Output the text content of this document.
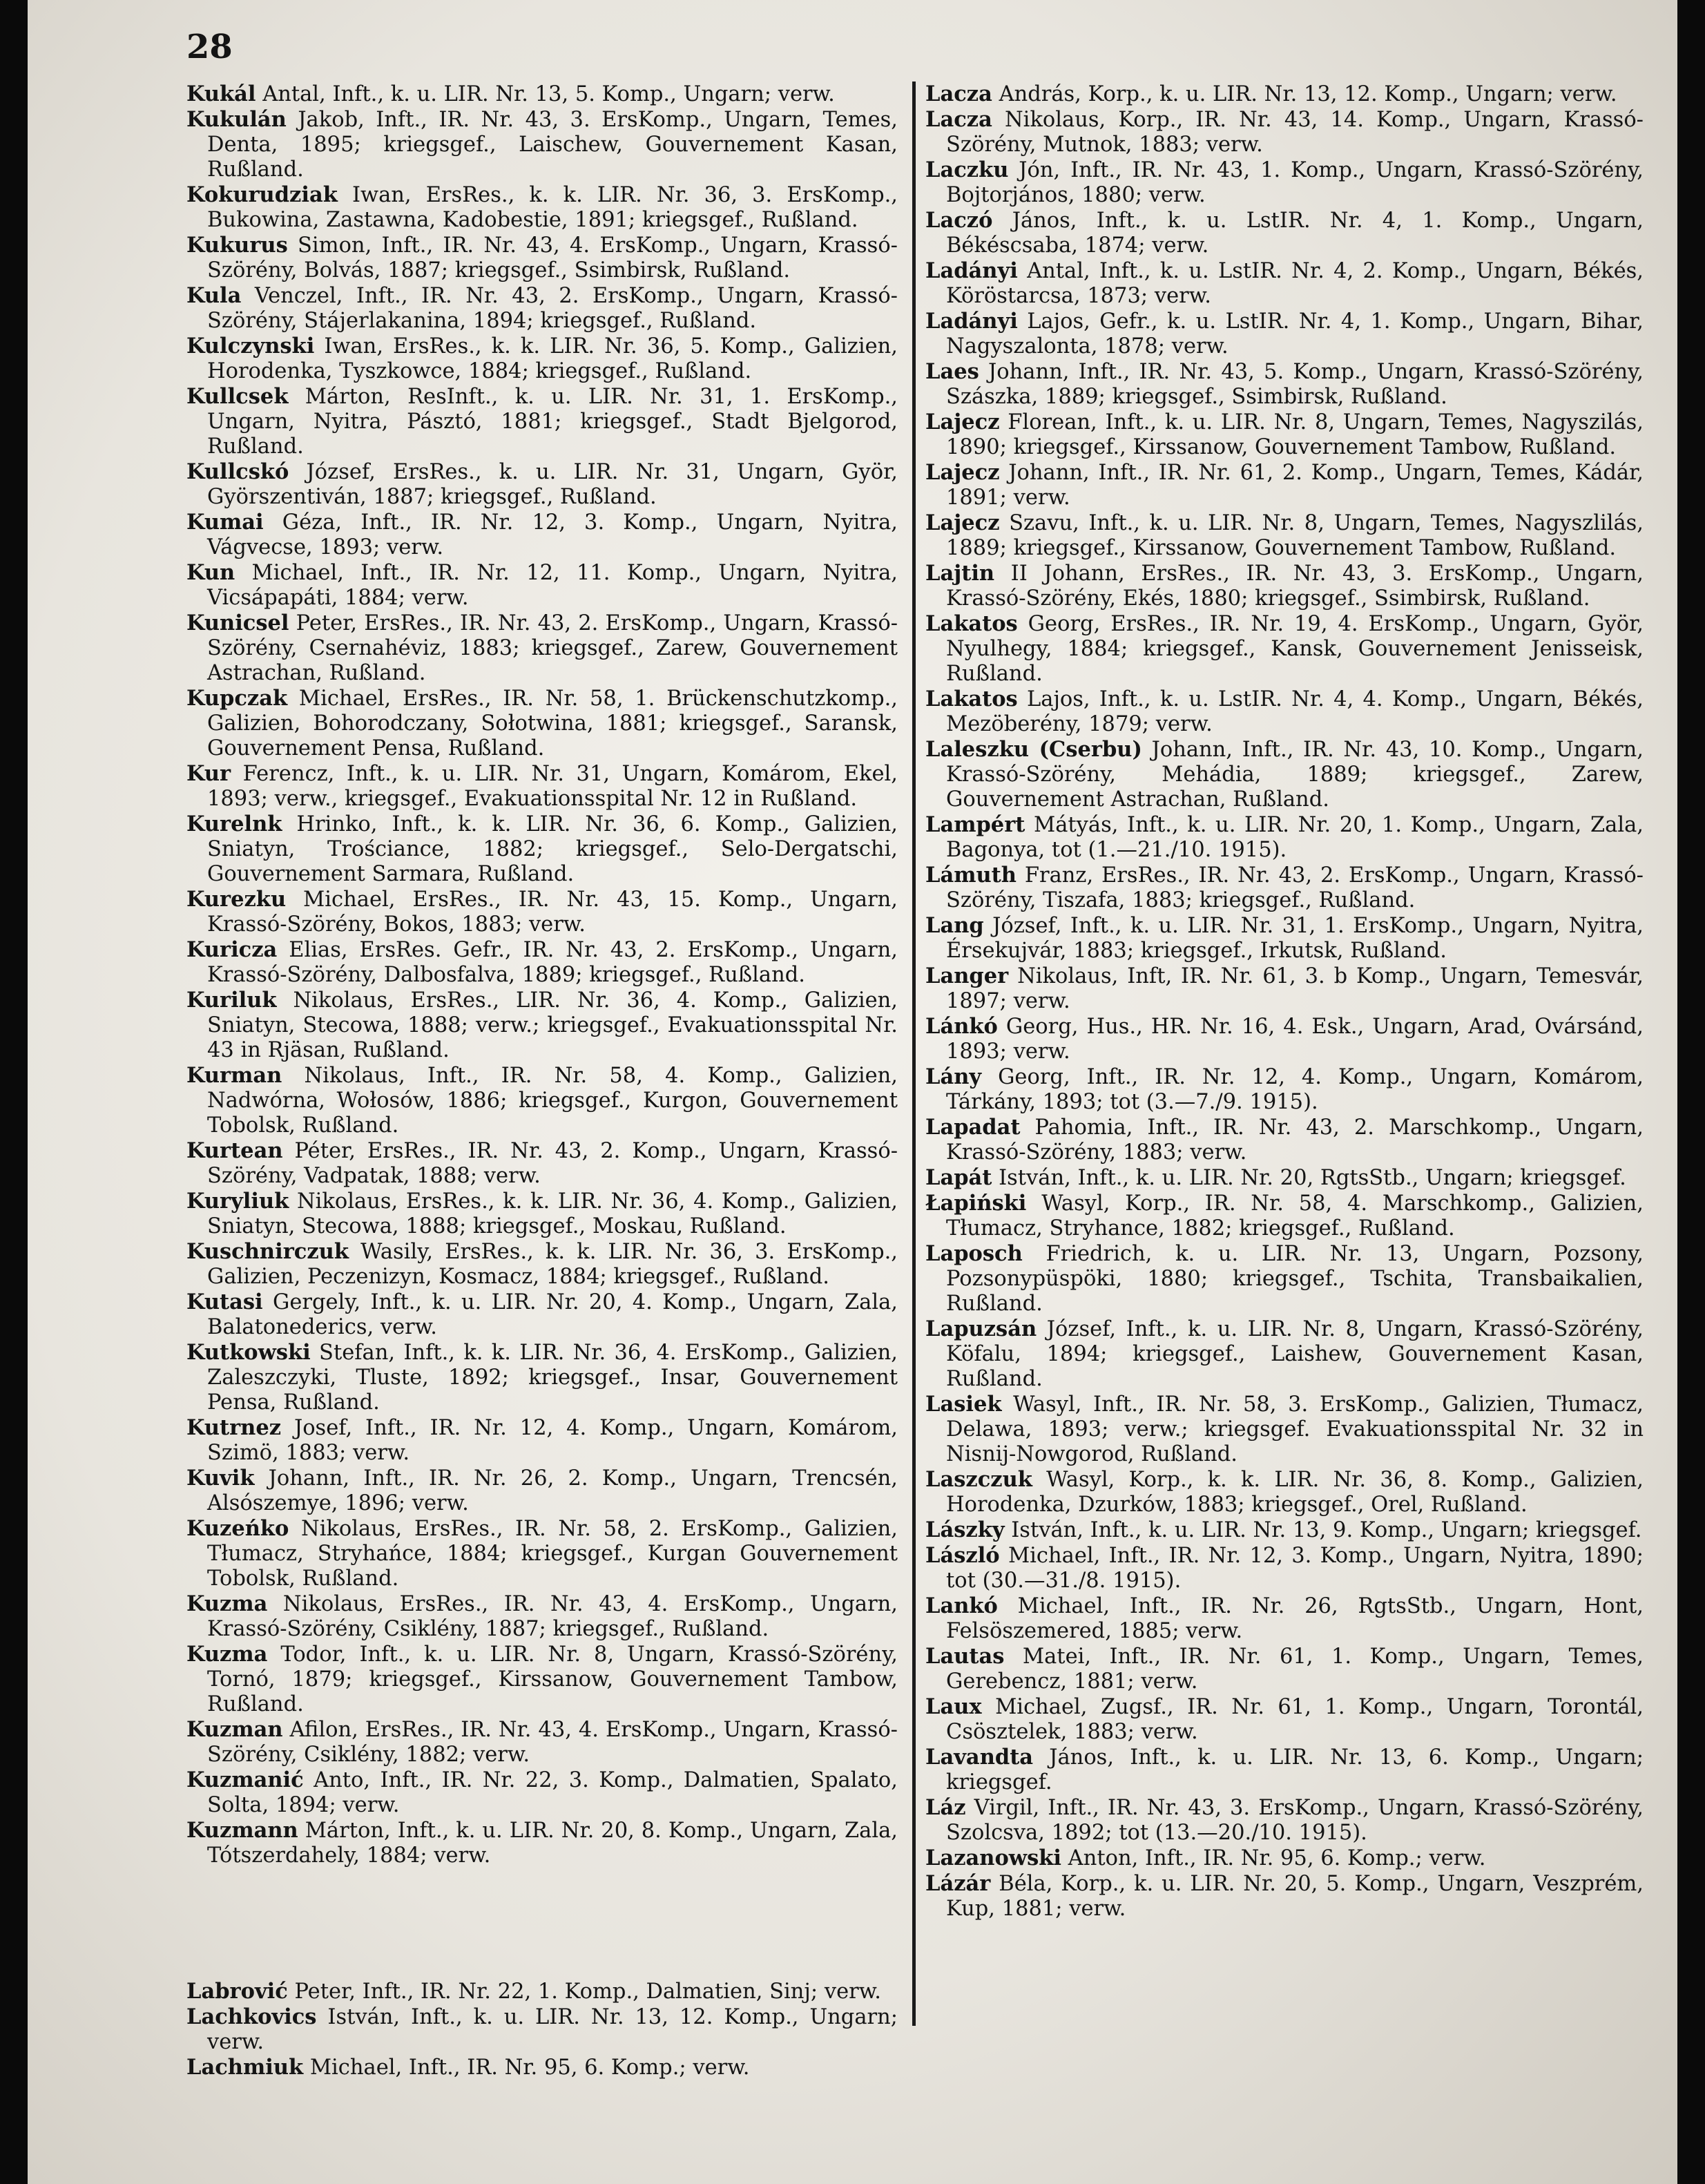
28

Kukál Antal, Inft., k. u. LIR. Nr. 13, 5. Komp., Ungarn; verw.

Kukulán Jakob, Inft., IR. Nr. 43, 3. ErsKomp., Ungarn, Temes, Denta, 1895; kriegsgef., Laischew, Gouvernement Kasan, Rußland.

Kokurudziak Iwan, ErsRes., k. k. LIR. Nr. 36, 3. ErsKomp., Bukowina, Zastawna, Kadobestie, 1891; kriegsgef., Rußland.

Kukurus Simon, Inft., IR. Nr. 43, 4. ErsKomp., Ungarn, Krassó-Szörény, Bolvás, 1887; kriegsgef., Ssimbirsk, Rußland.

Kula Venczel, Inft., IR. Nr. 43, 2. ErsKomp., Ungarn, Krassó-Szörény, Stájerlakanina, 1894; kriegsgef., Rußland.

Kulczynski Iwan, ErsRes., k. k. LIR. Nr. 36, 5. Komp., Galizien, Horodenka, Tyszkowce, 1884; kriegsgef., Rußland.

Kullcsek Márton, ResInft., k. u. LIR. Nr. 31, 1. ErsKomp., Ungarn, Nyitra, Pásztó, 1881; kriegsgef., Stadt Bjelgorod, Rußland.

Kullcskó József, ErsRes., k. u. LIR. Nr. 31, Ungarn, Györ, Györszentiván, 1887; kriegsgef., Rußland.

Kumai Géza, Inft., IR. Nr. 12, 3. Komp., Ungarn, Nyitra, Vágvecse, 1893; verw.

Kun Michael, Inft., IR. Nr. 12, 11. Komp., Ungarn, Nyitra, Vicsápapáti, 1884; verw.

Kunicsel Peter, ErsRes., IR. Nr. 43, 2. ErsKomp., Ungarn, Krassó-Szörény, Csernahéviz, 1883; kriegsgef., Zarew, Gouvernement Astrachan, Rußland.

Kupczak Michael, ErsRes., IR. Nr. 58, 1. Brückenschutzkomp., Galizien, Bohorodczany, Sołotwina, 1881; kriegsgef., Saransk, Gouvernement Pensa, Rußland.

Kur Ferencz, Inft., k. u. LIR. Nr. 31, Ungarn, Komárom, Ekel, 1893; verw., kriegsgef., Evakuationsspital Nr. 12 in Rußland.

Kurelnk Hrinko, Inft., k. k. LIR. Nr. 36, 6. Komp., Galizien, Sniatyn, Trościance, 1882; kriegsgef., Selo-Dergatschi, Gouvernement Sarmara, Rußland.

Kurezku Michael, ErsRes., IR. Nr. 43, 15. Komp., Ungarn, Krassó-Szörény, Bokos, 1883; verw.

Kuricza Elias, ErsRes. Gefr., IR. Nr. 43, 2. ErsKomp., Ungarn, Krassó-Szörény, Dalbosfalva, 1889; kriegsgef., Rußland.

Kuriluk Nikolaus, ErsRes., LIR. Nr. 36, 4. Komp., Galizien, Sniatyn, Stecowa, 1888; verw.; kriegsgef., Evakuationsspital Nr. 43 in Rjäsan, Rußland.

Kurman Nikolaus, Inft., IR. Nr. 58, 4. Komp., Galizien, Nadwórna, Wołosów, 1886; kriegsgef., Kurgon, Gouvernement Tobolsk, Rußland.

Kurtean Péter, ErsRes., IR. Nr. 43, 2. Komp., Ungarn, Krassó-Szörény, Vadpatak, 1888; verw.

Kuryliuk Nikolaus, ErsRes., k. k. LIR. Nr. 36, 4. Komp., Galizien, Sniatyn, Stecowa, 1888; kriegsgef., Moskau, Rußland.

Kuschnirczuk Wasily, ErsRes., k. k. LIR. Nr. 36, 3. ErsKomp., Galizien, Peczenizyn, Kosmacz, 1884; kriegsgef., Rußland.

Kutasi Gergely, Inft., k. u. LIR. Nr. 20, 4. Komp., Ungarn, Zala, Balatonederics, verw.

Kutkowski Stefan, Inft., k. k. LIR. Nr. 36, 4. ErsKomp., Galizien, Zaleszczyki, Tluste, 1892; kriegsgef., Insar, Gouvernement Pensa, Rußland.

Kutrnez Josef, Inft., IR. Nr. 12, 4. Komp., Ungarn, Komárom, Szimö, 1883; verw.

Kuvik Johann, Inft., IR. Nr. 26, 2. Komp., Ungarn, Trencsén, Alsószemye, 1896; verw.

Kuzeńko Nikolaus, ErsRes., IR. Nr. 58, 2. ErsKomp., Galizien, Tłumacz, Stryhańce, 1884; kriegsgef., Kurgan Gouvernement Tobolsk, Rußland.

Kuzma Nikolaus, ErsRes., IR. Nr. 43, 4. ErsKomp., Ungarn, Krassó-Szörény, Csiklény, 1887; kriegsgef., Rußland.

Kuzma Todor, Inft., k. u. LIR. Nr. 8, Ungarn, Krassó-Szörény, Tornó, 1879; kriegsgef., Kirssanow, Gouvernement Tambow, Rußland.

Kuzman Afilon, ErsRes., IR. Nr. 43, 4. ErsKomp., Ungarn, Krassó-Szörény, Csiklény, 1882; verw.

Kuzmanić Anto, Inft., IR. Nr. 22, 3. Komp., Dalmatien, Spalato, Solta, 1894; verw.

Kuzmann Márton, Inft., k. u. LIR. Nr. 20, 8. Komp., Ungarn, Zala, Tótszerdahely, 1884; verw.

Labrović Peter, Inft., IR. Nr. 22, 1. Komp., Dalmatien, Sinj; verw.

Lachkovics István, Inft., k. u. LIR. Nr. 13, 12. Komp., Ungarn; verw.

Lachmiuk Michael, Inft., IR. Nr. 95, 6. Komp.; verw.

Lacza András, Korp., k. u. LIR. Nr. 13, 12. Komp., Ungarn; verw.

Lacza Nikolaus, Korp., IR. Nr. 43, 14. Komp., Ungarn, Krassó-Szörény, Mutnok, 1883; verw.

Laczku Jón, Inft., IR. Nr. 43, 1. Komp., Ungarn, Krassó-Szörény, Bojtorjános, 1880; verw.

Laczó János, Inft., k. u. LstIR. Nr. 4, 1. Komp., Ungarn, Békéscsaba, 1874; verw.

Ladányi Antal, Inft., k. u. LstIR. Nr. 4, 2. Komp., Ungarn, Békés, Köröstarcsa, 1873; verw.

Ladányi Lajos, Gefr., k. u. LstIR. Nr. 4, 1. Komp., Ungarn, Bihar, Nagyszalonta, 1878; verw.

Laes Johann, Inft., IR. Nr. 43, 5. Komp., Ungarn, Krassó-Szörény, Szászka, 1889; kriegsgef., Ssimbirsk, Rußland.

Lajecz Florean, Inft., k. u. LIR. Nr. 8, Ungarn, Temes, Nagyszilás, 1890; kriegsgef., Kirssanow, Gouvernement Tambow, Rußland.

Lajecz Johann, Inft., IR. Nr. 61, 2. Komp., Ungarn, Temes, Kádár, 1891; verw.

Lajecz Szavu, Inft., k. u. LIR. Nr. 8, Ungarn, Temes, Nagyszlilás, 1889; kriegsgef., Kirssanow, Gouvernement Tambow, Rußland.

Lajtin II Johann, ErsRes., IR. Nr. 43, 3. ErsKomp., Ungarn, Krassó-Szörény, Ekés, 1880; kriegsgef., Ssimbirsk, Rußland.

Lakatos Georg, ErsRes., IR. Nr. 19, 4. ErsKomp., Ungarn, Györ, Nyulhegy, 1884; kriegsgef., Kansk, Gouvernement Jenisseisk, Rußland.

Lakatos Lajos, Inft., k. u. LstIR. Nr. 4, 4. Komp., Ungarn, Békés, Mezöberény, 1879; verw.

Laleszku (Cserbu) Johann, Inft., IR. Nr. 43, 10. Komp., Ungarn, Krassó-Szörény, Mehádia, 1889; kriegsgef., Zarew, Gouvernement Astrachan, Rußland.

Lampért Mátyás, Inft., k. u. LIR. Nr. 20, 1. Komp., Ungarn, Zala, Bagonya, tot (1.—21./10. 1915).

Lámuth Franz, ErsRes., IR. Nr. 43, 2. ErsKomp., Ungarn, Krassó-Szörény, Tiszafa, 1883; kriegsgef., Rußland.

Lang József, Inft., k. u. LIR. Nr. 31, 1. ErsKomp., Ungarn, Nyitra, Érsekujvár, 1883; kriegsgef., Irkutsk, Rußland.

Langer Nikolaus, Inft, IR. Nr. 61, 3. b Komp., Ungarn, Temesvár, 1897; verw.

Lánkó Georg, Hus., HR. Nr. 16, 4. Esk., Ungarn, Arad, Ovársánd, 1893; verw.

Lány Georg, Inft., IR. Nr. 12, 4. Komp., Ungarn, Komárom, Tárkány, 1893; tot (3.—7./9. 1915).

Lapadat Pahomia, Inft., IR. Nr. 43, 2. Marschkomp., Ungarn, Krassó-Szörény, 1883; verw.

Lapát István, Inft., k. u. LIR. Nr. 20, RgtsStb., Ungarn; kriegsgef.

Łapiński Wasyl, Korp., IR. Nr. 58, 4. Marschkomp., Galizien, Tłumacz, Stryhance, 1882; kriegsgef., Rußland.

Laposch Friedrich, k. u. LIR. Nr. 13, Ungarn, Pozsony, Pozsonypüspöki, 1880; kriegsgef., Tschita, Transbaikalien, Rußland.

Lapuzsán József, Inft., k. u. LIR. Nr. 8, Ungarn, Krassó-Szörény, Köfalu, 1894; kriegsgef., Laishew, Gouvernement Kasan, Rußland.

Lasiek Wasyl, Inft., IR. Nr. 58, 3. ErsKomp., Galizien, Tłumacz, Delawa, 1893; verw.; kriegsgef. Evakuationsspital Nr. 32 in Nisnij-Nowgorod, Rußland.

Laszczuk Wasyl, Korp., k. k. LIR. Nr. 36, 8. Komp., Galizien, Horodenka, Dzurków, 1883; kriegsgef., Orel, Rußland.

Lászky István, Inft., k. u. LIR. Nr. 13, 9. Komp., Ungarn; kriegsgef.

László Michael, Inft., IR. Nr. 12, 3. Komp., Ungarn, Nyitra, 1890; tot (30.—31./8. 1915).

Lankó Michael, Inft., IR. Nr. 26, RgtsStb., Ungarn, Hont, Felsöszemered, 1885; verw.

Lautas Matei, Inft., IR. Nr. 61, 1. Komp., Ungarn, Temes, Gerebencz, 1881; verw.

Laux Michael, Zugsf., IR. Nr. 61, 1. Komp., Ungarn, Torontál, Csösztelek, 1883; verw.

Lavandta János, Inft., k. u. LIR. Nr. 13, 6. Komp., Ungarn; kriegsgef.

Láz Virgil, Inft., IR. Nr. 43, 3. ErsKomp., Ungarn, Krassó-Szörény, Szolcsva, 1892; tot (13.—20./10. 1915).

Lazanowski Anton, Inft., IR. Nr. 95, 6. Komp.; verw.

Lázár Béla, Korp., k. u. LIR. Nr. 20, 5. Komp., Ungarn, Veszprém, Kup, 1881; verw.
